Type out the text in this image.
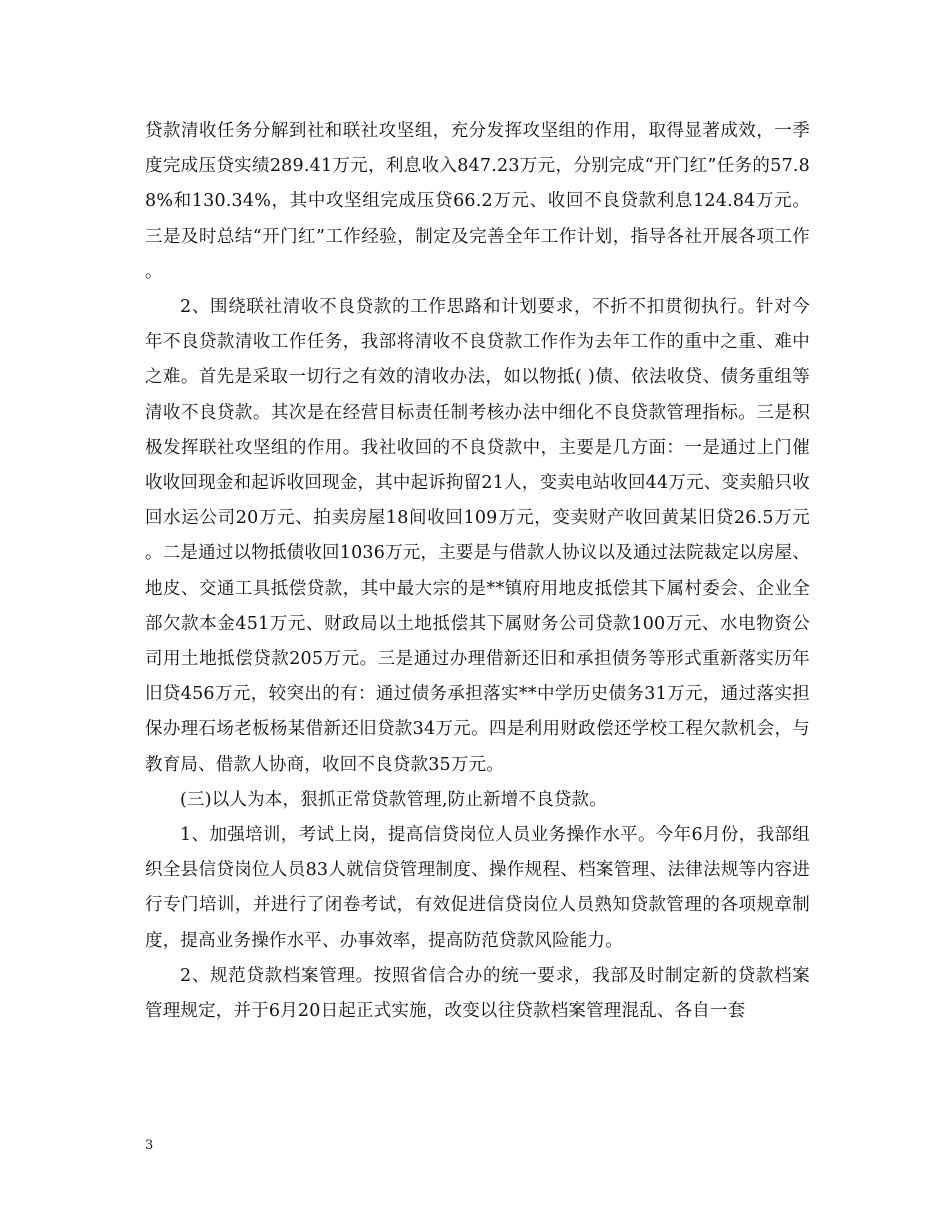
贷款清收任务分解到社和联社攻坚组，充分发挥攻坚组的作用，取得显著成效，一季度完成压贷实绩289.41万元，利息收入847.23万元，分别完成“开门红”任务的57.88%和130.34%，其中攻坚组完成压贷66.2万元、收回不良贷款利息124.84万元。三是及时总结“开门红”工作经验，制定及完善全年工作计划，指导各社开展各项工作。

2、围绕联社清收不良贷款的工作思路和计划要求，不折不扣贯彻执行。针对今年不良贷款清收工作任务，我部将清收不良贷款工作作为去年工作的重中之重、难中之难。首先是采取一切行之有效的清收办法，如以物抵( )债、依法收贷、债务重组等清收不良贷款。其次是在经营目标责任制考核办法中细化不良贷款管理指标。三是积极发挥联社攻坚组的作用。我社收回的不良贷款中，主要是几方面：一是通过上门催收收回现金和起诉收回现金，其中起诉拘留21人，变卖电站收回44万元、变卖船只收回水运公司20万元、拍卖房屋18间收回109万元，变卖财产收回黄某旧贷26.5万元。二是通过以物抵债收回1036万元，主要是与借款人协议以及通过法院裁定以房屋、地皮、交通工具抵偿贷款，其中最大宗的是**镇府用地皮抵偿其下属村委会、企业全部欠款本金451万元、财政局以土地抵偿其下属财务公司贷款100万元、水电物资公司用土地抵偿贷款205万元。三是通过办理借新还旧和承担债务等形式重新落实历年旧贷456万元，较突出的有：通过债务承担落实**中学历史债务31万元，通过落实担保办理石场老板杨某借新还旧贷款34万元。四是利用财政偿还学校工程欠款机会，与教育局、借款人协商，收回不良贷款35万元。

(三)以人为本，狠抓正常贷款管理,防止新增不良贷款。

1、加强培训，考试上岗，提高信贷岗位人员业务操作水平。今年6月份，我部组织全县信贷岗位人员83人就信贷管理制度、操作规程、档案管理、法律法规等内容进行专门培训，并进行了闭卷考试，有效促进信贷岗位人员熟知贷款管理的各项规章制度，提高业务操作水平、办事效率，提高防范贷款风险能力。

2、规范贷款档案管理。按照省信合办的统一要求，我部及时制定新的贷款档案管理规定，并于6月20日起正式实施，改变以往贷款档案管理混乱、各自一套

3
